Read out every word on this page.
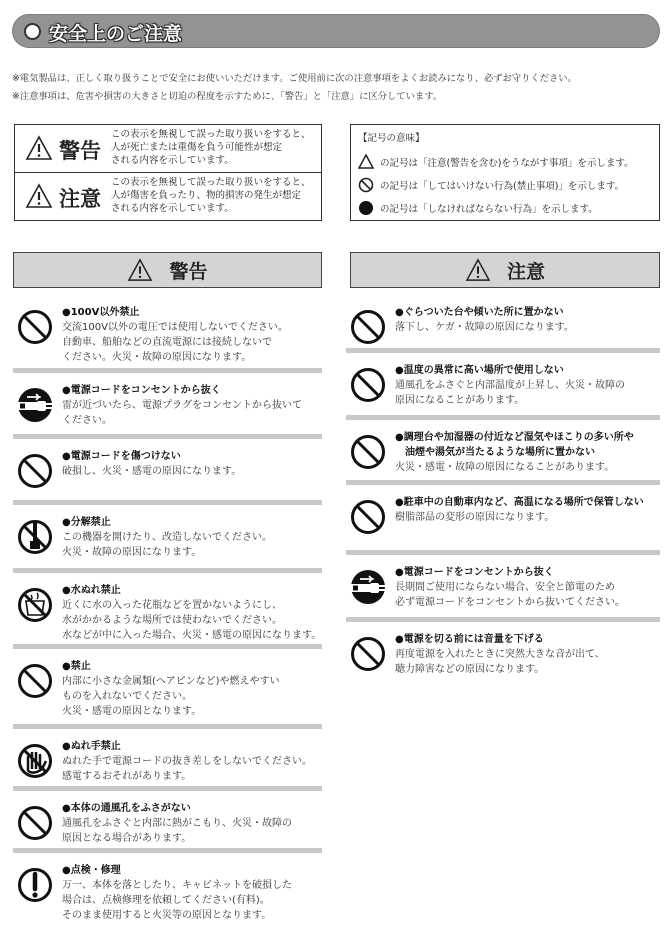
安全上のご注意
※電気製品は、正しく取り扱うことで安全にお使いいただけます。ご使用前に次の注意事項をよくお読みになり、必ずお守りください。
※注意事項は、危害や損害の大きさと切迫の程度を示すために、「警告」と「注意」に区分しています。
警告
この表示を無視して誤った取り扱いをすると、
人が死亡または重傷を負う可能性が想定
される内容を示しています。
注意
この表示を無視して誤った取り扱いをすると、
人が傷害を負ったり、物的損害の発生が想定
される内容を示しています。
【記号の意味】
の記号は「注意(警告を含む)をうながす事項」を示します。
の記号は「してはいけない行為(禁止事項)」を示します。
の記号は「しなければならない行為」を示します。
警告	注意
●100V以外禁止
交流100V以外の電圧では使用しないでください。
自動車、船舶などの直流電源には接続しないで
ください。火災・故障の原因になります。
●電源コードをコンセントから抜く
雷が近づいたら、電源プラグをコンセントから抜いて
ください。
●電源コードを傷つけない
破損し、火災・感電の原因になります。
●分解禁止
この機器を開けたり、改造しないでください。
火災・故障の原因になります。
●水ぬれ禁止
近くに水の入った花瓶などを置かないようにし、
水がかかるような場所では使わないでください。
水などが中に入った場合、火災・感電の原因になります。
●禁止
内部に小さな金属類(ヘアピンなど)や燃えやすい
ものを入れないでください。
火災・感電の原因となります。
●ぬれ手禁止
ぬれた手で電源コードの抜き差しをしないでください。
感電するおそれがあります。
●本体の通風孔をふさがない
通風孔をふさぐと内部に熱がこもり、火災・故障の
原因となる場合があります。
●点検・修理
万一、本体を落としたり、キャビネットを破損した
場合は、点検修理を依頼してください(有料)。
そのまま使用すると火災等の原因となります。
●ぐらついた台や傾いた所に置かない
落下し、ケガ・故障の原因になります。
●温度の異常に高い場所で使用しない
通風孔をふさぐと内部温度が上昇し、火災・故障の
原因になることがあります。
●調理台や加湿器の付近など湿気やほこりの多い所や
油煙や湯気が当たるような場所に置かない
火災・感電・故障の原因になることがあります。
●駐車中の自動車内など、高温になる場所で保管しない
樹脂部品の変形の原因になります。
●電源コードをコンセントから抜く
長期間ご使用にならない場合、安全と節電のため
必ず電源コードをコンセントから抜いてください。
●電源を切る前には音量を下げる
再度電源を入れたときに突然大きな音が出て、
聴力障害などの原因になります。
